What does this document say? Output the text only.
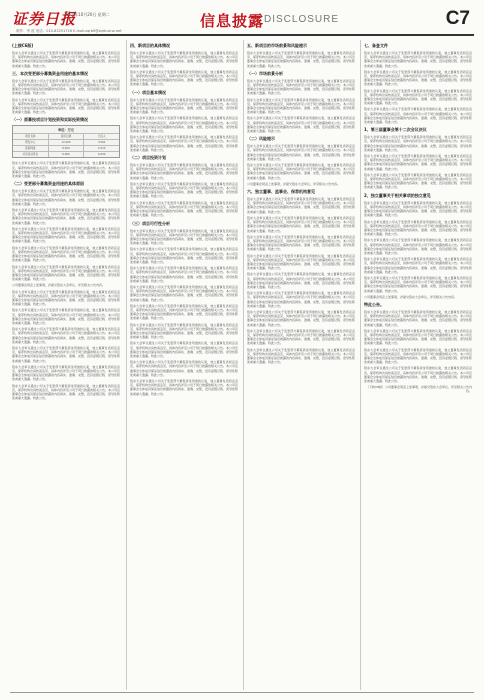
证券日报
2020年10月20日 星期二
制作：李 波 电话：010-83251716 E-mail:zqrb9@zqrb.sina.net
信息披露 DISCLOSURE	C7
(上接C6版)

股东大会审议通过公司关于变更部分募集资金用途的议案，独立董事发表同意意见，保荐机构出具核查意见，具体内容详见公司于同日披露的相关公告。本公司及董事会全体成员保证信息披露的内容真实、准确、完整，没有虚假记载、误导性陈述或重大遗漏。特此公告。

三、本次变更部分募集资金用途的基本情况

股东大会审议通过公司关于变更部分募集资金用途的议案，独立董事发表同意意见，保荐机构出具核查意见，具体内容详见公司于同日披露的相关公告。本公司及董事会全体成员保证信息披露的内容真实、准确、完整，没有虚假记载、误导性陈述或重大遗漏。特此公告。

股东大会审议通过公司关于变更部分募集资金用途的议案，独立董事发表同意意见，保荐机构出具核查意见，具体内容详见公司于同日披露的相关公告。本公司及董事会全体成员保证信息披露的内容真实、准确、完整，没有虚假记载、误导性陈述或重大遗漏。特此公告。

（一）原募投项目计划投资和实际投资情况
单位：万元
项目名称	投资总额	已投入
研发中心	12,000	3,562
营销网络	8,500	2,310
补充流动资金	6,000	6,000

股东大会审议通过公司关于变更部分募集资金用途的议案，独立董事发表同意意见，保荐机构出具核查意见，具体内容详见公司于同日披露的相关公告。本公司及董事会全体成员保证信息披露的内容真实、准确、完整，没有虚假记载、误导性陈述或重大遗漏。特此公告。

（二）变更部分募集资金用途的具体原因

股东大会审议通过公司关于变更部分募集资金用途的议案，独立董事发表同意意见，保荐机构出具核查意见，具体内容详见公司于同日披露的相关公告。本公司及董事会全体成员保证信息披露的内容真实、准确、完整，没有虚假记载、误导性陈述或重大遗漏。特此公告。

股东大会审议通过公司关于变更部分募集资金用途的议案，独立董事发表同意意见，保荐机构出具核查意见，具体内容详见公司于同日披露的相关公告。本公司及董事会全体成员保证信息披露的内容真实、准确、完整，没有虚假记载、误导性陈述或重大遗漏。特此公告。

股东大会审议通过公司关于变更部分募集资金用途的议案，独立董事发表同意意见，保荐机构出具核查意见，具体内容详见公司于同日披露的相关公告。本公司及董事会全体成员保证信息披露的内容真实、准确、完整，没有虚假记载、误导性陈述或重大遗漏。特此公告。

股东大会审议通过公司关于变更部分募集资金用途的议案，独立董事发表同意意见，保荐机构出具核查意见，具体内容详见公司于同日披露的相关公告。本公司及董事会全体成员保证信息披露的内容真实、准确、完整，没有虚假记载、误导性陈述或重大遗漏。特此公告。

股东大会审议通过公司关于变更部分募集资金用途的议案，独立董事发表同意意见，保荐机构出具核查意见，具体内容详见公司于同日披露的相关公告。本公司及董事会全体成员保证信息披露的内容真实、准确、完整，没有虚假记载、误导性陈述或重大遗漏。特此公告。

公司董事会同意上述事项，并提交股东大会审议，详见相关公告内容。

股东大会审议通过公司关于变更部分募集资金用途的议案，独立董事发表同意意见，保荐机构出具核查意见，具体内容详见公司于同日披露的相关公告。本公司及董事会全体成员保证信息披露的内容真实、准确、完整，没有虚假记载、误导性陈述或重大遗漏。特此公告。

股东大会审议通过公司关于变更部分募集资金用途的议案，独立董事发表同意意见，保荐机构出具核查意见，具体内容详见公司于同日披露的相关公告。本公司及董事会全体成员保证信息披露的内容真实、准确、完整，没有虚假记载、误导性陈述或重大遗漏。特此公告。

股东大会审议通过公司关于变更部分募集资金用途的议案，独立董事发表同意意见，保荐机构出具核查意见，具体内容详见公司于同日披露的相关公告。本公司及董事会全体成员保证信息披露的内容真实、准确、完整，没有虚假记载、误导性陈述或重大遗漏。特此公告。

股东大会审议通过公司关于变更部分募集资金用途的议案，独立董事发表同意意见，保荐机构出具核查意见，具体内容详见公司于同日披露的相关公告。本公司及董事会全体成员保证信息披露的内容真实、准确、完整，没有虚假记载、误导性陈述或重大遗漏。特此公告。

股东大会审议通过公司关于变更部分募集资金用途的议案，独立董事发表同意意见，保荐机构出具核查意见，具体内容详见公司于同日披露的相关公告。本公司及董事会全体成员保证信息披露的内容真实、准确、完整，没有虚假记载、误导性陈述或重大遗漏。特此公告。

股东大会审议通过公司关于变更部分募集资金用途的议案，独立董事发表同意意见，保荐机构出具核查意见，具体内容详见公司于同日披露的相关公告。本公司及董事会全体成员保证信息披露的内容真实、准确、完整，没有虚假记载、误导性陈述或重大遗漏。特此公告。

四、新项目的具体情况

股东大会审议通过公司关于变更部分募集资金用途的议案，独立董事发表同意意见，保荐机构出具核查意见，具体内容详见公司于同日披露的相关公告。本公司及董事会全体成员保证信息披露的内容真实、准确、完整，没有虚假记载、误导性陈述或重大遗漏。特此公告。

股东大会审议通过公司关于变更部分募集资金用途的议案，独立董事发表同意意见，保荐机构出具核查意见，具体内容详见公司于同日披露的相关公告。本公司及董事会全体成员保证信息披露的内容真实、准确、完整，没有虚假记载、误导性陈述或重大遗漏。特此公告。

（一）项目基本情况

股东大会审议通过公司关于变更部分募集资金用途的议案，独立董事发表同意意见，保荐机构出具核查意见，具体内容详见公司于同日披露的相关公告。本公司及董事会全体成员保证信息披露的内容真实、准确、完整，没有虚假记载、误导性陈述或重大遗漏。特此公告。

股东大会审议通过公司关于变更部分募集资金用途的议案，独立董事发表同意意见，保荐机构出具核查意见，具体内容详见公司于同日披露的相关公告。本公司及董事会全体成员保证信息披露的内容真实、准确、完整，没有虚假记载、误导性陈述或重大遗漏。特此公告。

股东大会审议通过公司关于变更部分募集资金用途的议案，独立董事发表同意意见，保荐机构出具核查意见，具体内容详见公司于同日披露的相关公告。本公司及董事会全体成员保证信息披露的内容真实、准确、完整，没有虚假记载、误导性陈述或重大遗漏。特此公告。

（二）项目投资计划

股东大会审议通过公司关于变更部分募集资金用途的议案，独立董事发表同意意见，保荐机构出具核查意见，具体内容详见公司于同日披露的相关公告。本公司及董事会全体成员保证信息披露的内容真实、准确、完整，没有虚假记载、误导性陈述或重大遗漏。特此公告。

股东大会审议通过公司关于变更部分募集资金用途的议案，独立董事发表同意意见，保荐机构出具核查意见，具体内容详见公司于同日披露的相关公告。本公司及董事会全体成员保证信息披露的内容真实、准确、完整，没有虚假记载、误导性陈述或重大遗漏。特此公告。

股东大会审议通过公司关于变更部分募集资金用途的议案，独立董事发表同意意见，保荐机构出具核查意见，具体内容详见公司于同日披露的相关公告。本公司及董事会全体成员保证信息披露的内容真实、准确、完整，没有虚假记载、误导性陈述或重大遗漏。特此公告。

（三）项目可行性分析

股东大会审议通过公司关于变更部分募集资金用途的议案，独立董事发表同意意见，保荐机构出具核查意见，具体内容详见公司于同日披露的相关公告。本公司及董事会全体成员保证信息披露的内容真实、准确、完整，没有虚假记载、误导性陈述或重大遗漏。特此公告。

股东大会审议通过公司关于变更部分募集资金用途的议案，独立董事发表同意意见，保荐机构出具核查意见，具体内容详见公司于同日披露的相关公告。本公司及董事会全体成员保证信息披露的内容真实、准确、完整，没有虚假记载、误导性陈述或重大遗漏。特此公告。

股东大会审议通过公司关于变更部分募集资金用途的议案，独立董事发表同意意见，保荐机构出具核查意见，具体内容详见公司于同日披露的相关公告。本公司及董事会全体成员保证信息披露的内容真实、准确、完整，没有虚假记载、误导性陈述或重大遗漏。特此公告。

股东大会审议通过公司关于变更部分募集资金用途的议案，独立董事发表同意意见，保荐机构出具核查意见，具体内容详见公司于同日披露的相关公告。本公司及董事会全体成员保证信息披露的内容真实、准确、完整，没有虚假记载、误导性陈述或重大遗漏。特此公告。

股东大会审议通过公司关于变更部分募集资金用途的议案，独立董事发表同意意见，保荐机构出具核查意见，具体内容详见公司于同日披露的相关公告。本公司及董事会全体成员保证信息披露的内容真实、准确、完整，没有虚假记载、误导性陈述或重大遗漏。特此公告。

股东大会审议通过公司关于变更部分募集资金用途的议案，独立董事发表同意意见，保荐机构出具核查意见，具体内容详见公司于同日披露的相关公告。本公司及董事会全体成员保证信息披露的内容真实、准确、完整，没有虚假记载、误导性陈述或重大遗漏。特此公告。

股东大会审议通过公司关于变更部分募集资金用途的议案，独立董事发表同意意见，保荐机构出具核查意见，具体内容详见公司于同日披露的相关公告。本公司及董事会全体成员保证信息披露的内容真实、准确、完整，没有虚假记载、误导性陈述或重大遗漏。特此公告。

股东大会审议通过公司关于变更部分募集资金用途的议案，独立董事发表同意意见，保荐机构出具核查意见，具体内容详见公司于同日披露的相关公告。本公司及董事会全体成员保证信息披露的内容真实、准确、完整，没有虚假记载、误导性陈述或重大遗漏。特此公告。

股东大会审议通过公司关于变更部分募集资金用途的议案，独立董事发表同意意见，保荐机构出具核查意见，具体内容详见公司于同日披露的相关公告。本公司及董事会全体成员保证信息披露的内容真实、准确、完整，没有虚假记载、误导性陈述或重大遗漏。特此公告。

五、新项目的市场前景和风险提示

股东大会审议通过公司关于变更部分募集资金用途的议案，独立董事发表同意意见，保荐机构出具核查意见，具体内容详见公司于同日披露的相关公告。本公司及董事会全体成员保证信息披露的内容真实、准确、完整，没有虚假记载、误导性陈述或重大遗漏。特此公告。

（一）市场前景分析

股东大会审议通过公司关于变更部分募集资金用途的议案，独立董事发表同意意见，保荐机构出具核查意见，具体内容详见公司于同日披露的相关公告。本公司及董事会全体成员保证信息披露的内容真实、准确、完整，没有虚假记载、误导性陈述或重大遗漏。特此公告。

股东大会审议通过公司关于变更部分募集资金用途的议案，独立董事发表同意意见，保荐机构出具核查意见，具体内容详见公司于同日披露的相关公告。本公司及董事会全体成员保证信息披露的内容真实、准确、完整，没有虚假记载、误导性陈述或重大遗漏。特此公告。

股东大会审议通过公司关于变更部分募集资金用途的议案，独立董事发表同意意见，保荐机构出具核查意见，具体内容详见公司于同日披露的相关公告。本公司及董事会全体成员保证信息披露的内容真实、准确、完整，没有虚假记载、误导性陈述或重大遗漏。特此公告。

（二）风险提示

股东大会审议通过公司关于变更部分募集资金用途的议案，独立董事发表同意意见，保荐机构出具核查意见，具体内容详见公司于同日披露的相关公告。本公司及董事会全体成员保证信息披露的内容真实、准确、完整，没有虚假记载、误导性陈述或重大遗漏。特此公告。

股东大会审议通过公司关于变更部分募集资金用途的议案，独立董事发表同意意见，保荐机构出具核查意见，具体内容详见公司于同日披露的相关公告。本公司及董事会全体成员保证信息披露的内容真实、准确、完整，没有虚假记载、误导性陈述或重大遗漏。特此公告。

公司董事会同意上述事项，并提交股东大会审议，详见相关公告内容。

六、独立董事、监事会、保荐机构意见

股东大会审议通过公司关于变更部分募集资金用途的议案，独立董事发表同意意见，保荐机构出具核查意见，具体内容详见公司于同日披露的相关公告。本公司及董事会全体成员保证信息披露的内容真实、准确、完整，没有虚假记载、误导性陈述或重大遗漏。特此公告。

股东大会审议通过公司关于变更部分募集资金用途的议案，独立董事发表同意意见，保荐机构出具核查意见，具体内容详见公司于同日披露的相关公告。本公司及董事会全体成员保证信息披露的内容真实、准确、完整，没有虚假记载、误导性陈述或重大遗漏。特此公告。

股东大会审议通过公司关于变更部分募集资金用途的议案，独立董事发表同意意见，保荐机构出具核查意见，具体内容详见公司于同日披露的相关公告。本公司及董事会全体成员保证信息披露的内容真实、准确、完整，没有虚假记载、误导性陈述或重大遗漏。特此公告。

股东大会审议通过公司关于变更部分募集资金用途的议案，独立董事发表同意意见，保荐机构出具核查意见，具体内容详见公司于同日披露的相关公告。本公司及董事会全体成员保证信息披露的内容真实、准确、完整，没有虚假记载、误导性陈述或重大遗漏。特此公告。

股东大会审议通过公司关于变更部分募集资金用途的议案，独立董事发表同意意见，保荐机构出具核查意见，具体内容详见公司于同日披露的相关公告。本公司及董事会全体成员保证信息披露的内容真实、准确、完整，没有虚假记载、误导性陈述或重大遗漏。特此公告。

股东大会审议通过公司关于变更部分募集资金用途的议案，独立董事发表同意意见，保荐机构出具核查意见，具体内容详见公司于同日披露的相关公告。本公司及董事会全体成员保证信息披露的内容真实、准确、完整，没有虚假记载、误导性陈述或重大遗漏。特此公告。

股东大会审议通过公司关于变更部分募集资金用途的议案，独立董事发表同意意见，保荐机构出具核查意见，具体内容详见公司于同日披露的相关公告。本公司及董事会全体成员保证信息披露的内容真实、准确、完整，没有虚假记载、误导性陈述或重大遗漏。特此公告。

股东大会审议通过公司关于变更部分募集资金用途的议案，独立董事发表同意意见，保荐机构出具核查意见，具体内容详见公司于同日披露的相关公告。本公司及董事会全体成员保证信息披露的内容真实、准确、完整，没有虚假记载、误导性陈述或重大遗漏。特此公告。

股东大会审议通过公司关于变更部分募集资金用途的议案，独立董事发表同意意见，保荐机构出具核查意见，具体内容详见公司于同日披露的相关公告。本公司及董事会全体成员保证信息披露的内容真实、准确、完整，没有虚假记载、误导性陈述或重大遗漏。特此公告。

七、备查文件

股东大会审议通过公司关于变更部分募集资金用途的议案，独立董事发表同意意见，保荐机构出具核查意见，具体内容详见公司于同日披露的相关公告。本公司及董事会全体成员保证信息披露的内容真实、准确、完整，没有虚假记载、误导性陈述或重大遗漏。特此公告。

股东大会审议通过公司关于变更部分募集资金用途的议案，独立董事发表同意意见，保荐机构出具核查意见，具体内容详见公司于同日披露的相关公告。本公司及董事会全体成员保证信息披露的内容真实、准确、完整，没有虚假记载、误导性陈述或重大遗漏。特此公告。

股东大会审议通过公司关于变更部分募集资金用途的议案，独立董事发表同意意见，保荐机构出具核查意见，具体内容详见公司于同日披露的相关公告。本公司及董事会全体成员保证信息披露的内容真实、准确、完整，没有虚假记载、误导性陈述或重大遗漏。特此公告。

股东大会审议通过公司关于变更部分募集资金用途的议案，独立董事发表同意意见，保荐机构出具核查意见，具体内容详见公司于同日披露的相关公告。本公司及董事会全体成员保证信息披露的内容真实、准确、完整，没有虚假记载、误导性陈述或重大遗漏。特此公告。

1、第三届董事会第十二次会议决议

股东大会审议通过公司关于变更部分募集资金用途的议案，独立董事发表同意意见，保荐机构出具核查意见，具体内容详见公司于同日披露的相关公告。本公司及董事会全体成员保证信息披露的内容真实、准确、完整，没有虚假记载、误导性陈述或重大遗漏。特此公告。

股东大会审议通过公司关于变更部分募集资金用途的议案，独立董事发表同意意见，保荐机构出具核查意见，具体内容详见公司于同日披露的相关公告。本公司及董事会全体成员保证信息披露的内容真实、准确、完整，没有虚假记载、误导性陈述或重大遗漏。特此公告。

股东大会审议通过公司关于变更部分募集资金用途的议案，独立董事发表同意意见，保荐机构出具核查意见，具体内容详见公司于同日披露的相关公告。本公司及董事会全体成员保证信息披露的内容真实、准确、完整，没有虚假记载、误导性陈述或重大遗漏。特此公告。

2、独立董事关于相关事项的独立意见

股东大会审议通过公司关于变更部分募集资金用途的议案，独立董事发表同意意见，保荐机构出具核查意见，具体内容详见公司于同日披露的相关公告。本公司及董事会全体成员保证信息披露的内容真实、准确、完整，没有虚假记载、误导性陈述或重大遗漏。特此公告。

股东大会审议通过公司关于变更部分募集资金用途的议案，独立董事发表同意意见，保荐机构出具核查意见，具体内容详见公司于同日披露的相关公告。本公司及董事会全体成员保证信息披露的内容真实、准确、完整，没有虚假记载、误导性陈述或重大遗漏。特此公告。

股东大会审议通过公司关于变更部分募集资金用途的议案，独立董事发表同意意见，保荐机构出具核查意见，具体内容详见公司于同日披露的相关公告。本公司及董事会全体成员保证信息披露的内容真实、准确、完整，没有虚假记载、误导性陈述或重大遗漏。特此公告。

股东大会审议通过公司关于变更部分募集资金用途的议案，独立董事发表同意意见，保荐机构出具核查意见，具体内容详见公司于同日披露的相关公告。本公司及董事会全体成员保证信息披露的内容真实、准确、完整，没有虚假记载、误导性陈述或重大遗漏。特此公告。

股东大会审议通过公司关于变更部分募集资金用途的议案，独立董事发表同意意见，保荐机构出具核查意见，具体内容详见公司于同日披露的相关公告。本公司及董事会全体成员保证信息披露的内容真实、准确、完整，没有虚假记载、误导性陈述或重大遗漏。特此公告。

公司董事会同意上述事项，并提交股东大会审议，详见相关公告内容。

特此公告。

股东大会审议通过公司关于变更部分募集资金用途的议案，独立董事发表同意意见，保荐机构出具核查意见，具体内容详见公司于同日披露的相关公告。本公司及董事会全体成员保证信息披露的内容真实、准确、完整，没有虚假记载、误导性陈述或重大遗漏。特此公告。

股东大会审议通过公司关于变更部分募集资金用途的议案，独立董事发表同意意见，保荐机构出具核查意见，具体内容详见公司于同日披露的相关公告。本公司及董事会全体成员保证信息披露的内容真实、准确、完整，没有虚假记载、误导性陈述或重大遗漏。特此公告。

股东大会审议通过公司关于变更部分募集资金用途的议案，独立董事发表同意意见，保荐机构出具核查意见，具体内容详见公司于同日披露的相关公告。本公司及董事会全体成员保证信息披露的内容真实、准确、完整，没有虚假记载、误导性陈述或重大遗漏。特此公告。

股东大会审议通过公司关于变更部分募集资金用途的议案，独立董事发表同意意见，保荐机构出具核查意见，具体内容详见公司于同日披露的相关公告。本公司及董事会全体成员保证信息披露的内容真实、准确、完整，没有虚假记载、误导性陈述或重大遗漏。特此公告。

（下转C8版） 公司董事会同意上述事项，并提交股东大会审议，详见相关公告内容。
